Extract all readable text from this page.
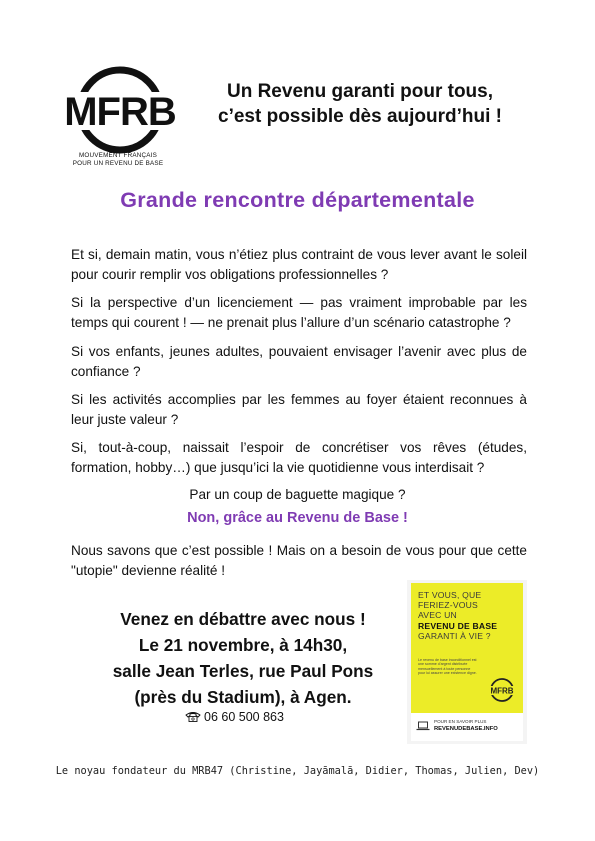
MFRB
MOUVEMENT FRANÇAIS
POUR UN REVENU DE BASE
Un Revenu garanti pour tous,
c’est possible dès aujourd’hui !
Grande rencontre départementale
Et si, demain matin, vous n’étiez plus contraint de vous lever avant le soleil pour courir remplir vos obligations professionnelles ?
Si la perspective d’un licenciement — pas vraiment improbable par les temps qui courent ! — ne prenait plus l’allure d’un scénario catastrophe ?
Si vos enfants, jeunes adultes, pouvaient envisager l’avenir avec plus de confiance ?
Si les activités accomplies par les femmes au foyer étaient reconnues à leur juste valeur ?
Si, tout-à-coup, naissait l’espoir de concrétiser vos rêves (études, formation, hobby…) que jusqu’ici la vie quotidienne vous interdisait ?
Par un coup de baguette magique ?
Non, grâce au Revenu de Base !
Nous savons que c’est possible ! Mais on a besoin de vous pour que cette "utopie" devienne réalité !
Venez en débattre avec nous !
Le 21 novembre, à 14h30,
salle Jean Terles, rue Paul Pons
(près du Stadium), à Agen.
06 60 500 863
ET VOUS, QUE
FERIEZ-VOUS
AVEC UN
REVENU DE BASE
GARANTI À VIE ?
Le revenu de base inconditionnel est une somme d’argent distribuée mensuellement à toute personne pour lui assurer une existence digne.
MFRB
POUR EN SAVOIR PLUS
REVENUDEBASE.INFO
Le noyau fondateur du MRB47 (Christine, Jayāmalā, Didier, Thomas, Julien, Dev)
